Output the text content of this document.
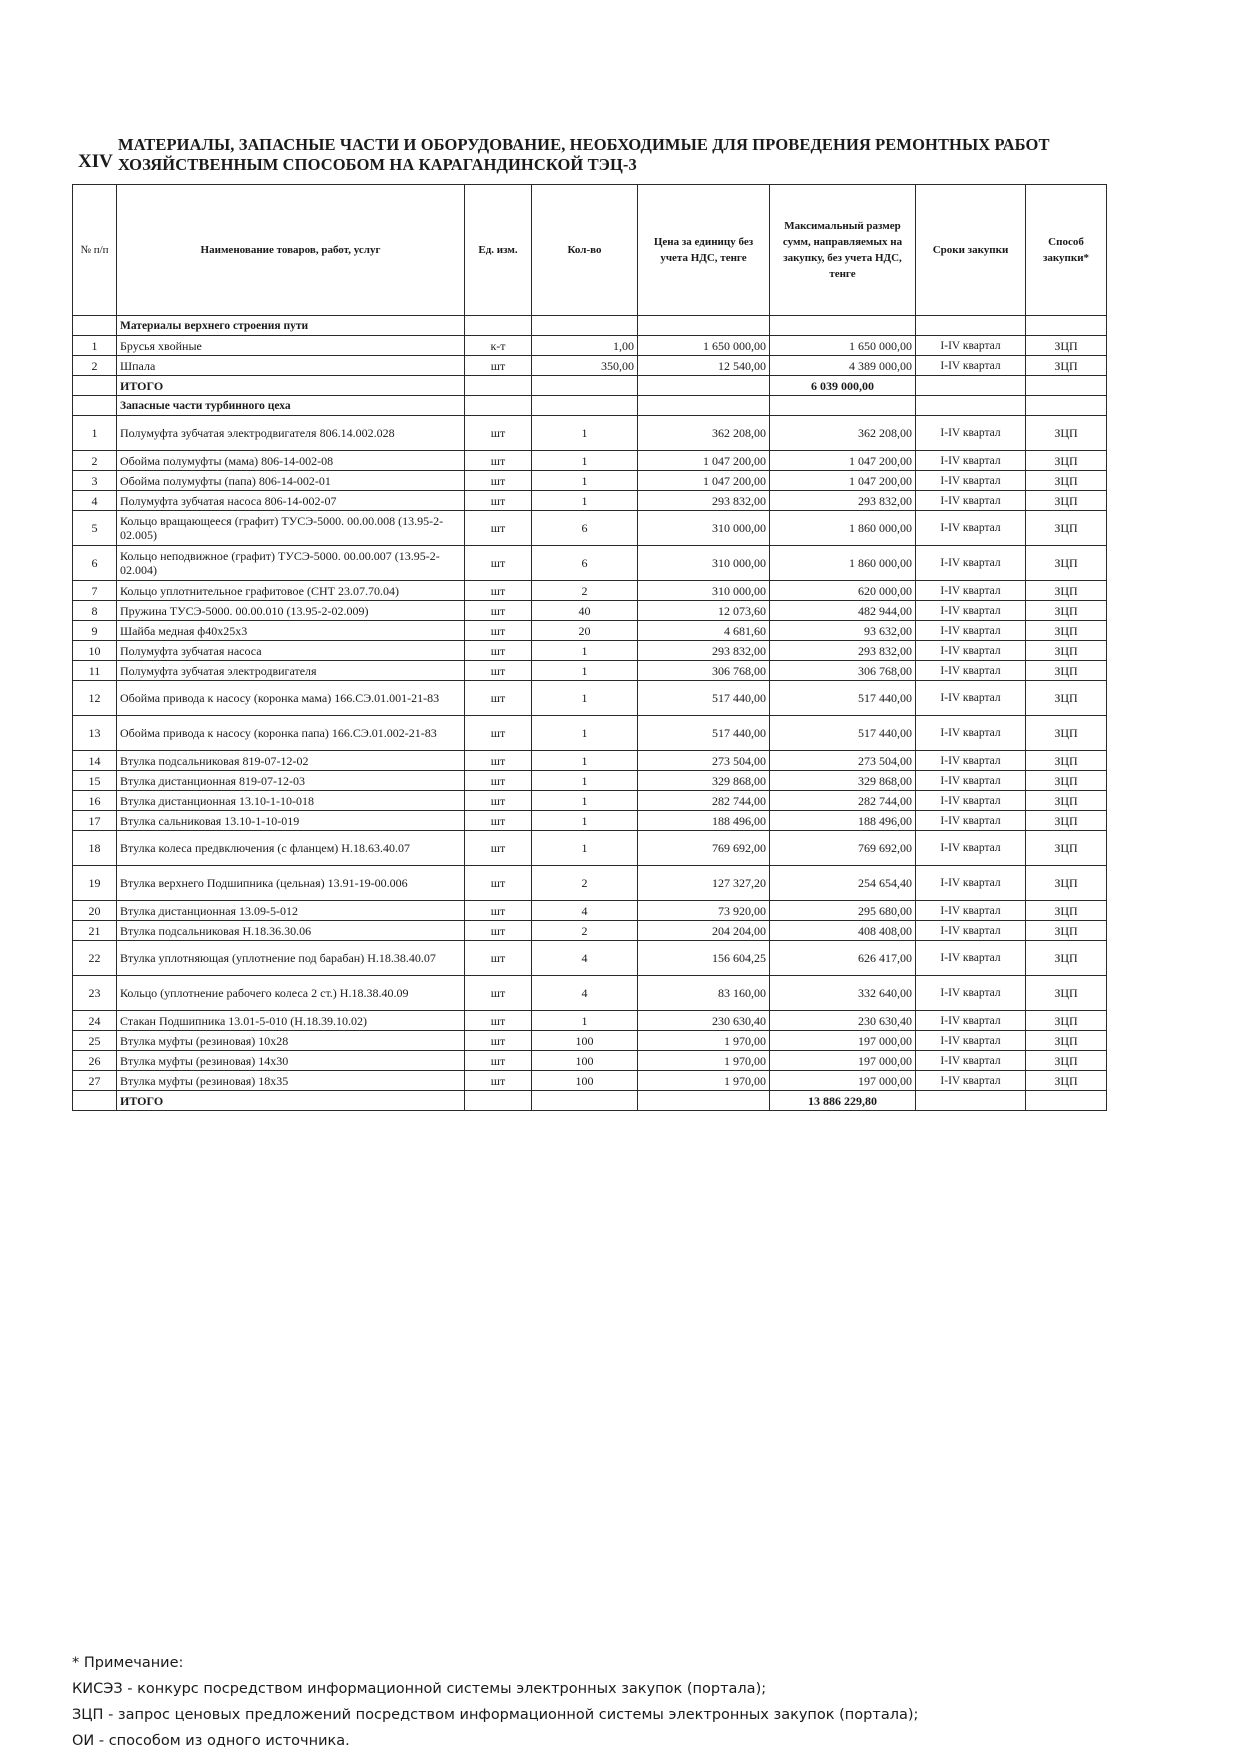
XIV
МАТЕРИАЛЫ, ЗАПАСНЫЕ ЧАСТИ И ОБОРУДОВАНИЕ, НЕОБХОДИМЫЕ ДЛЯ ПРОВЕДЕНИЯ РЕМОНТНЫХ РАБОТ
ХОЗЯЙСТВЕННЫМ СПОСОБОМ НА КАРАГАНДИНСКОЙ ТЭЦ-3
№ п/п	Наименование товаров, работ, услуг	Ед. изм.	Кол-во	Цена за единицу без учета НДС, тенге	Максимальный размер сумм, направляемых на закупку, без учета НДС, тенге	Сроки закупки	Способ закупки*
	Материалы верхнего строения пути						
1	Брусья хвойные	к-т	1,00	1 650 000,00	1 650 000,00	I-IV квартал	ЗЦП
2	Шпала	шт	350,00	12 540,00	4 389 000,00	I-IV квартал	ЗЦП
	ИТОГО				6 039 000,00		
	Запасные части турбинного цеха						
1	Полумуфта зубчатая электродвигателя 806.14.002.028	шт	1	362 208,00	362 208,00	I-IV квартал	ЗЦП
2	Обойма полумуфты (мама) 806-14-002-08	шт	1	1 047 200,00	1 047 200,00	I-IV квартал	ЗЦП
3	Обойма полумуфты (папа) 806-14-002-01	шт	1	1 047 200,00	1 047 200,00	I-IV квартал	ЗЦП
4	Полумуфта зубчатая насоса 806-14-002-07	шт	1	293 832,00	293 832,00	I-IV квартал	ЗЦП
5	Кольцо вращающееся (графит) ТУСЭ-5000. 00.00.008 (13.95-2-02.005)	шт	6	310 000,00	1 860 000,00	I-IV квартал	ЗЦП
6	Кольцо неподвижное (графит) ТУСЭ-5000. 00.00.007 (13.95-2-02.004)	шт	6	310 000,00	1 860 000,00	I-IV квартал	ЗЦП
7	Кольцо уплотнительное графитовое (СНТ 23.07.70.04)	шт	2	310 000,00	620 000,00	I-IV квартал	ЗЦП
8	Пружина ТУСЭ-5000. 00.00.010 (13.95-2-02.009)	шт	40	12 073,60	482 944,00	I-IV квартал	ЗЦП
9	Шайба медная ф40х25х3	шт	20	4 681,60	93 632,00	I-IV квартал	ЗЦП
10	Полумуфта зубчатая насоса	шт	1	293 832,00	293 832,00	I-IV квартал	ЗЦП
11	Полумуфта зубчатая электродвигателя	шт	1	306 768,00	306 768,00	I-IV квартал	ЗЦП
12	Обойма привода к насосу (коронка мама) 166.СЭ.01.001-21-83	шт	1	517 440,00	517 440,00	I-IV квартал	ЗЦП
13	Обойма привода к насосу (коронка папа) 166.СЭ.01.002-21-83	шт	1	517 440,00	517 440,00	I-IV квартал	ЗЦП
14	Втулка подсальниковая 819-07-12-02	шт	1	273 504,00	273 504,00	I-IV квартал	ЗЦП
15	Втулка дистанционная 819-07-12-03	шт	1	329 868,00	329 868,00	I-IV квартал	ЗЦП
16	Втулка дистанционная 13.10-1-10-018	шт	1	282 744,00	282 744,00	I-IV квартал	ЗЦП
17	Втулка сальниковая 13.10-1-10-019	шт	1	188 496,00	188 496,00	I-IV квартал	ЗЦП
18	Втулка колеса предвключения (с фланцем) Н.18.63.40.07	шт	1	769 692,00	769 692,00	I-IV квартал	ЗЦП
19	Втулка верхнего Подшипника (цельная) 13.91-19-00.006	шт	2	127 327,20	254 654,40	I-IV квартал	ЗЦП
20	Втулка дистанционная 13.09-5-012	шт	4	73 920,00	295 680,00	I-IV квартал	ЗЦП
21	Втулка подсальниковая Н.18.36.30.06	шт	2	204 204,00	408 408,00	I-IV квартал	ЗЦП
22	Втулка уплотняющая (уплотнение под барабан) Н.18.38.40.07	шт	4	156 604,25	626 417,00	I-IV квартал	ЗЦП
23	Кольцо (уплотнение рабочего колеса 2 ст.) Н.18.38.40.09	шт	4	83 160,00	332 640,00	I-IV квартал	ЗЦП
24	Стакан Подшипника 13.01-5-010 (Н.18.39.10.02)	шт	1	230 630,40	230 630,40	I-IV квартал	ЗЦП
25	Втулка муфты (резиновая) 10х28	шт	100	1 970,00	197 000,00	I-IV квартал	ЗЦП
26	Втулка муфты (резиновая) 14х30	шт	100	1 970,00	197 000,00	I-IV квартал	ЗЦП
27	Втулка муфты (резиновая) 18х35	шт	100	1 970,00	197 000,00	I-IV квартал	ЗЦП
	ИТОГО				13 886 229,80		
* Примечание:
КИСЭЗ - конкурс посредством информационной системы электронных закупок (портала);
ЗЦП - запрос ценовых предложений посредством информационной системы электронных закупок (портала);
ОИ - способом из одного источника.
